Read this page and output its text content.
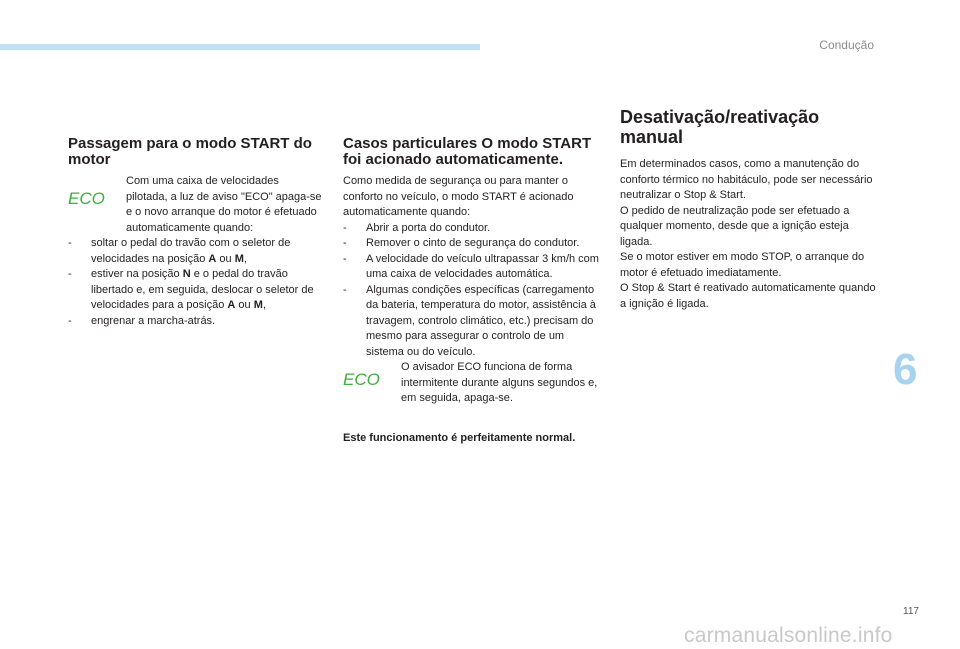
Condução
Passagem para o modo START do motor
ECO

Com uma caixa de velocidades pilotada, a luz de aviso "ECO" apaga-se e o novo arranque do motor é efetuado automaticamente quando:

- soltar o pedal do travão com o seletor de velocidades na posição A ou M,
- estiver na posição N e o pedal do travão libertado e, em seguida, deslocar o seletor de velocidades para a posição A ou M,
- engrenar a marcha-atrás.
Casos particulares O modo START foi acionado automaticamente.

Como medida de segurança ou para manter o conforto no veículo, o modo START é acionado automaticamente quando:

- Abrir a porta do condutor.
- Remover o cinto de segurança do condutor.
- A velocidade do veículo ultrapassar 3 km/h com uma caixa de velocidades automática.
- Algumas condições específicas (carregamento da bateria, temperatura do motor, assistência à travagem, controlo climático, etc.) precisam do mesmo para assegurar o controlo de um sistema ou do veículo.
ECO

O avisador ECO funciona de forma intermitente durante alguns segundos e, em seguida, apaga-se.

Este funcionamento é perfeitamente normal.

Desativação/reativação manual

Em determinados casos, como a manutenção do conforto térmico no habitáculo, pode ser necessário neutralizar o Stop & Start.

O pedido de neutralização pode ser efetuado a qualquer momento, desde que a ignição esteja ligada.

Se o motor estiver em modo STOP, o arranque do motor é efetuado imediatamente.

O Stop & Start é reativado automaticamente quando a ignição é ligada.

6
117
carmanualsonline.info
